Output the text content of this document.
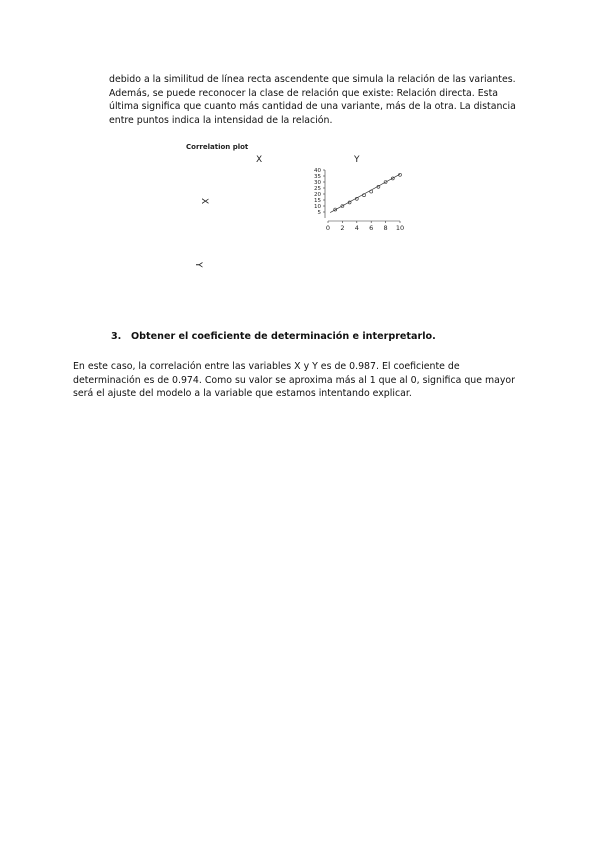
debido a la similitud de línea recta ascendente que simula la relación de las variantes. Además, se puede reconocer la clase de relación que existe: Relación directa. Esta última significa que cuanto más cantidad de una variante, más de la otra. La distancia entre puntos indica la intensidad de la relación.

Correlation plot
X	Y
X
Y
0 2 4 6 8 10
5
10
15
20
25
30
35
40

3. Obtener el coeficiente de determinación e interpretarlo.

En este caso, la correlación entre las variables X y Y es de 0.987. El coeficiente de determinación es de 0.974. Como su valor se aproxima más al 1 que al 0, significa que mayor será el ajuste del modelo a la variable que estamos intentando explicar.
